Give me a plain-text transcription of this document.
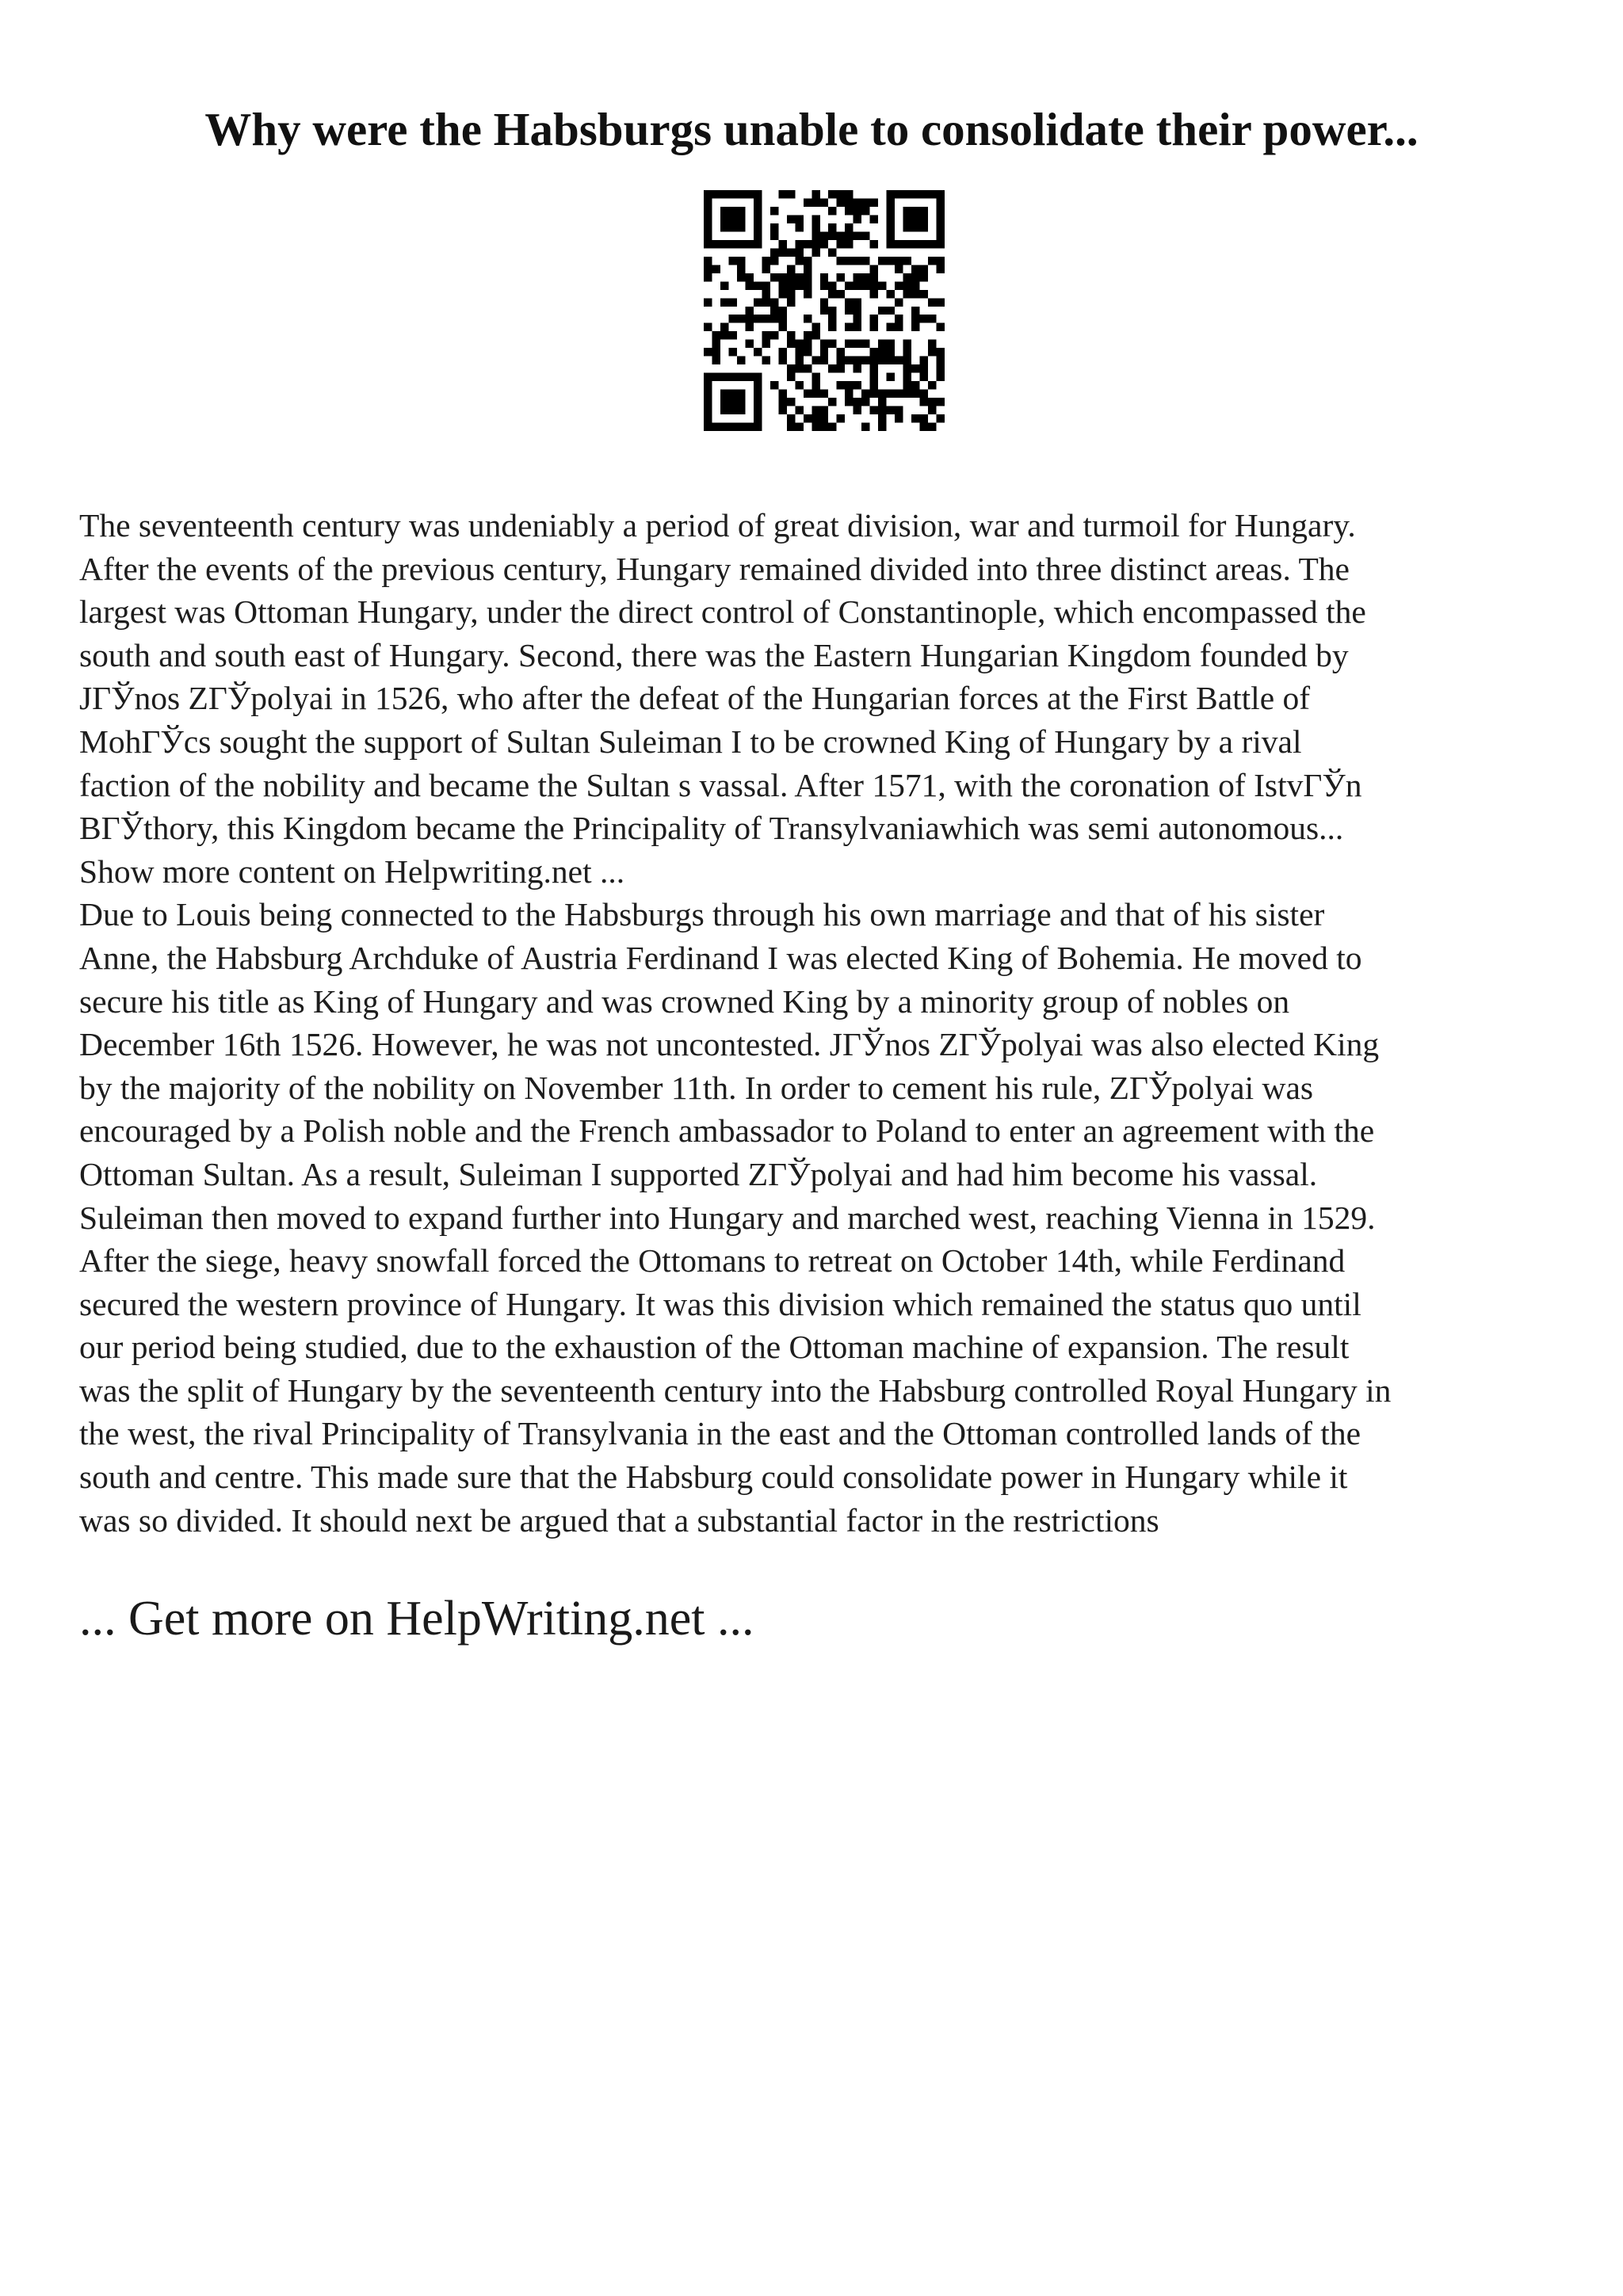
Why were the Habsburgs unable to consolidate their power...

The seventeenth century was undeniably a period of great division, war and turmoil for Hungary.
After the events of the previous century, Hungary remained divided into three distinct areas. The
largest was Ottoman Hungary, under the direct control of Constantinople, which encompassed the
south and south east of Hungary. Second, there was the Eastern Hungarian Kingdom founded by
JГЎnos ZГЎpolyai in 1526, who after the defeat of the Hungarian forces at the First Battle of
MohГЎcs sought the support of Sultan Suleiman I to be crowned King of Hungary by a rival
faction of the nobility and became the Sultan s vassal. After 1571, with the coronation of IstvГЎn
BГЎthory, this Kingdom became the Principality of Transylvaniawhich was semi autonomous...
Show more content on Helpwriting.net ...

Due to Louis being connected to the Habsburgs through his own marriage and that of his sister
Anne, the Habsburg Archduke of Austria Ferdinand I was elected King of Bohemia. He moved to
secure his title as King of Hungary and was crowned King by a minority group of nobles on
December 16th 1526. However, he was not uncontested. JГЎnos ZГЎpolyai was also elected King
by the majority of the nobility on November 11th. In order to cement his rule, ZГЎpolyai was
encouraged by a Polish noble and the French ambassador to Poland to enter an agreement with the
Ottoman Sultan. As a result, Suleiman I supported ZГЎpolyai and had him become his vassal.
Suleiman then moved to expand further into Hungary and marched west, reaching Vienna in 1529.
After the siege, heavy snowfall forced the Ottomans to retreat on October 14th, while Ferdinand
secured the western province of Hungary. It was this division which remained the status quo until
our period being studied, due to the exhaustion of the Ottoman machine of expansion. The result
was the split of Hungary by the seventeenth century into the Habsburg controlled Royal Hungary in
the west, the rival Principality of Transylvania in the east and the Ottoman controlled lands of the
south and centre. This made sure that the Habsburg could consolidate power in Hungary while it
was so divided. It should next be argued that a substantial factor in the restrictions

... Get more on HelpWriting.net ...
